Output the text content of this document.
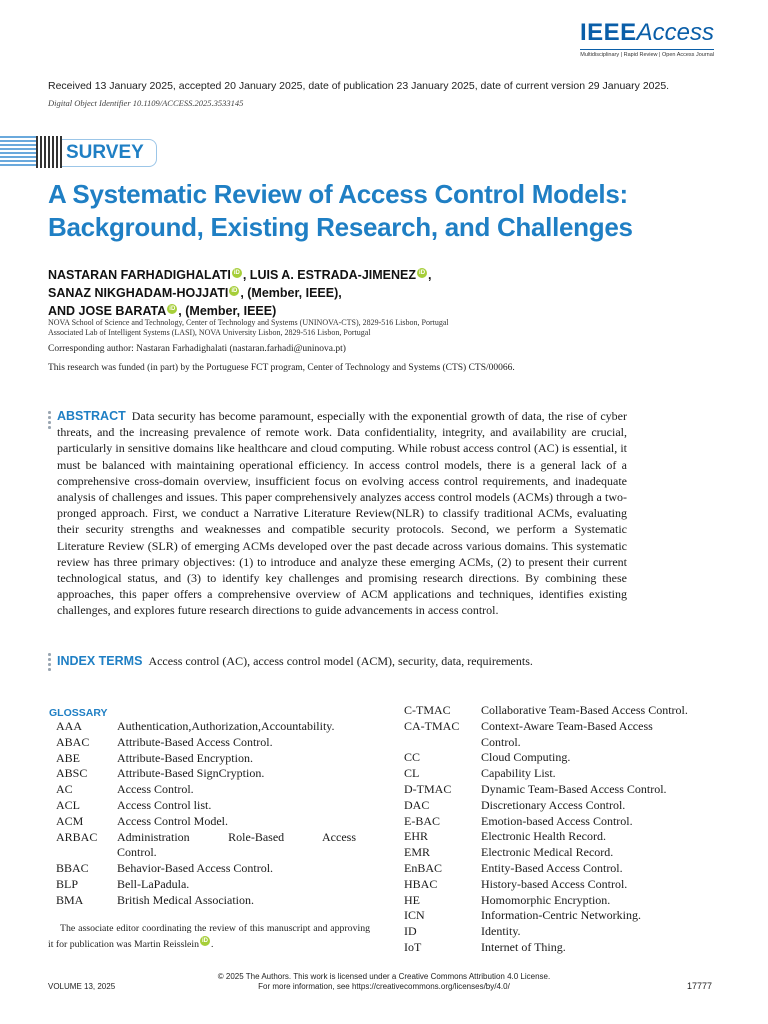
IEEEAccess
Multidisciplinary | Rapid Review | Open Access Journal
Received 13 January 2025, accepted 20 January 2025, date of publication 23 January 2025, date of current version 29 January 2025.
Digital Object Identifier 10.1109/ACCESS.2025.3533145
SURVEY
A Systematic Review of Access Control Models:
Background, Existing Research, and Challenges
NASTARAN FARHADIGHALATI iD , LUIS A. ESTRADA-JIMENEZ iD ,
SANAZ NIKGHADAM-HOJJATI iD , (Member, IEEE),
AND JOSE BARATA iD , (Member, IEEE)
NOVA School of Science and Technology, Center of Technology and Systems (UNINOVA-CTS), 2829-516 Lisbon, Portugal
Associated Lab of Intelligent Systems (LASI), NOVA University Lisbon, 2829-516 Lisbon, Portugal
Corresponding author: Nastaran Farhadighalati (nastaran.farhadi@uninova.pt)
This research was funded (in part) by the Portuguese FCT program, Center of Technology and Systems (CTS) CTS/00066.
ABSTRACT Data security has become paramount, especially with the exponential growth of data, the rise of cyber threats, and the increasing prevalence of remote work. Data confidentiality, integrity, and availability are crucial, particularly in sensitive domains like healthcare and cloud computing. While robust access control (AC) is essential, it must be balanced with maintaining operational efficiency. In access control models, there is a general lack of a comprehensive cross-domain overview, insufficient focus on evolving access control requirements, and inadequate analysis of challenges and issues. This paper comprehensively analyzes access control models (ACMs) through a two-pronged approach. First, we conduct a Narrative Literature Review(NLR) to classify traditional ACMs, evaluating their security strengths and weaknesses and compatible security protocols. Second, we perform a Systematic Literature Review (SLR) of emerging ACMs developed over the past decade across various domains. This systematic review has three primary objectives: (1) to introduce and analyze these emerging ACMs, (2) to present their current technological status, and (3) to identify key challenges and promising research directions. By combining these approaches, this paper offers a comprehensive overview of ACM applications and techniques, identifies existing challenges, and explores future research directions to guide advancements in access control.
INDEX TERMS Access control (AC), access control model (ACM), security, data, requirements.
GLOSSARY
AAA	Authentication,Authorization,Accountability.
ABAC	Attribute-Based Access Control.
ABE	Attribute-Based Encryption.
ABSC	Attribute-Based SignCryption.
AC	Access Control.
ACL	Access Control list.
ACM	Access Control Model.
ARBAC	Administration Role-Based Access
Control.
BBAC	Behavior-Based Access Control.
BLP	Bell-LaPadula.
BMA	British Medical Association.
C-TMAC	Collaborative Team-Based Access Control.
CA-TMAC	Context-Aware Team-Based Access
Control.
CC	Cloud Computing.
CL	Capability List.
D-TMAC	Dynamic Team-Based Access Control.
DAC	Discretionary Access Control.
E-BAC	Emotion-based Access Control.
EHR	Electronic Health Record.
EMR	Electronic Medical Record.
EnBAC	Entity-Based Access Control.
HBAC	History-based Access Control.
HE	Homomorphic Encryption.
ICN	Information-Centric Networking.
ID	Identity.
IoT	Internet of Thing.
The associate editor coordinating the review of this manuscript and approving it for publication was Martin Reisslein iD .
© 2025 The Authors. This work is licensed under a Creative Commons Attribution 4.0 License.
For more information, see https://creativecommons.org/licenses/by/4.0/
VOLUME 13, 2025	17777
